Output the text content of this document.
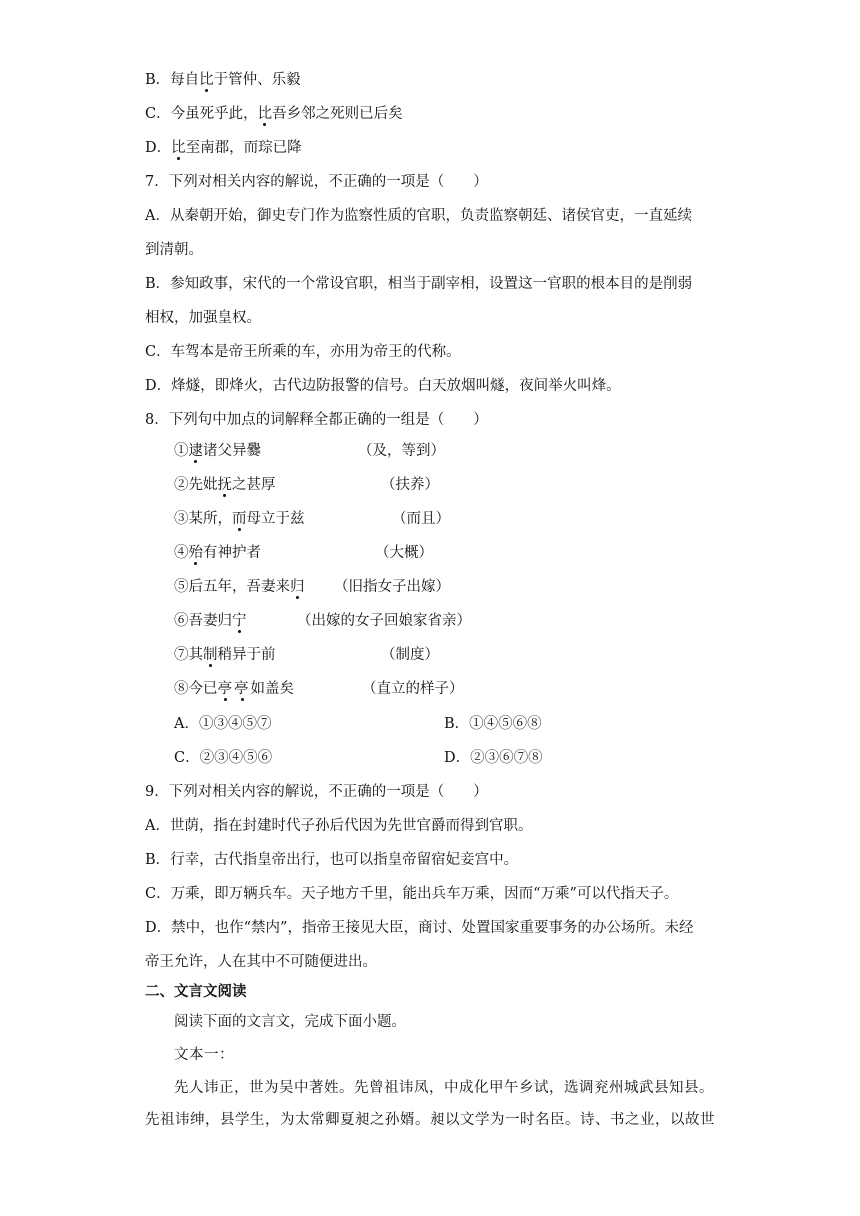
B．每自比于管仲、乐毅
C．今虽死乎此，比吾乡邻之死则已后矣
D．比至南郡，而琮已降
7．下列对相关内容的解说，不正确的一项是（　　）
A．从秦朝开始，御史专门作为监察性质的官职，负责监察朝廷、诸侯官吏，一直延续
到清朝。
B．参知政事，宋代的一个常设官职，相当于副宰相，设置这一官职的根本目的是削弱
相权，加强皇权。
C．车驾本是帝王所乘的车，亦用为帝王的代称。
D．烽燧，即烽火，古代边防报警的信号。白天放烟叫燧，夜间举火叫烽。
8．下列句中加点的词解释全都正确的一组是（　　）
①逮诸父异爨	（及，等到）
②先妣抚之甚厚	（扶养）
③某所，而母立于兹	（而且）
④殆有神护者	（大概）
⑤后五年，吾妻来归	（旧指女子出嫁）
⑥吾妻归宁	（出嫁的女子回娘家省亲）
⑦其制稍异于前	（制度）
⑧今已亭亭如盖矣	（直立的样子）
A．①③④⑤⑦	B．①④⑤⑥⑧
C．②③④⑤⑥	D．②③⑥⑦⑧
9．下列对相关内容的解说，不正确的一项是（　　）
A．世荫，指在封建时代子孙后代因为先世官爵而得到官职。
B．行幸，古代指皇帝出行，也可以指皇帝留宿妃妾宫中。
C．万乘，即万辆兵车。天子地方千里，能出兵车万乘，因而“万乘”可以代指天子。
D．禁中，也作“禁内”，指帝王接见大臣，商讨、处置国家重要事务的办公场所。未经
帝王允许，人在其中不可随便进出。
二、文言文阅读
阅读下面的文言文，完成下面小题。
文本一：
先人讳正，世为吴中著姓。先曾祖讳凤，中成化甲午乡试，选调兖州城武县知县。
先祖讳绅，县学生，为太常卿夏昶之孙婿。昶以文学为一时名臣。诗、书之业，以故世
